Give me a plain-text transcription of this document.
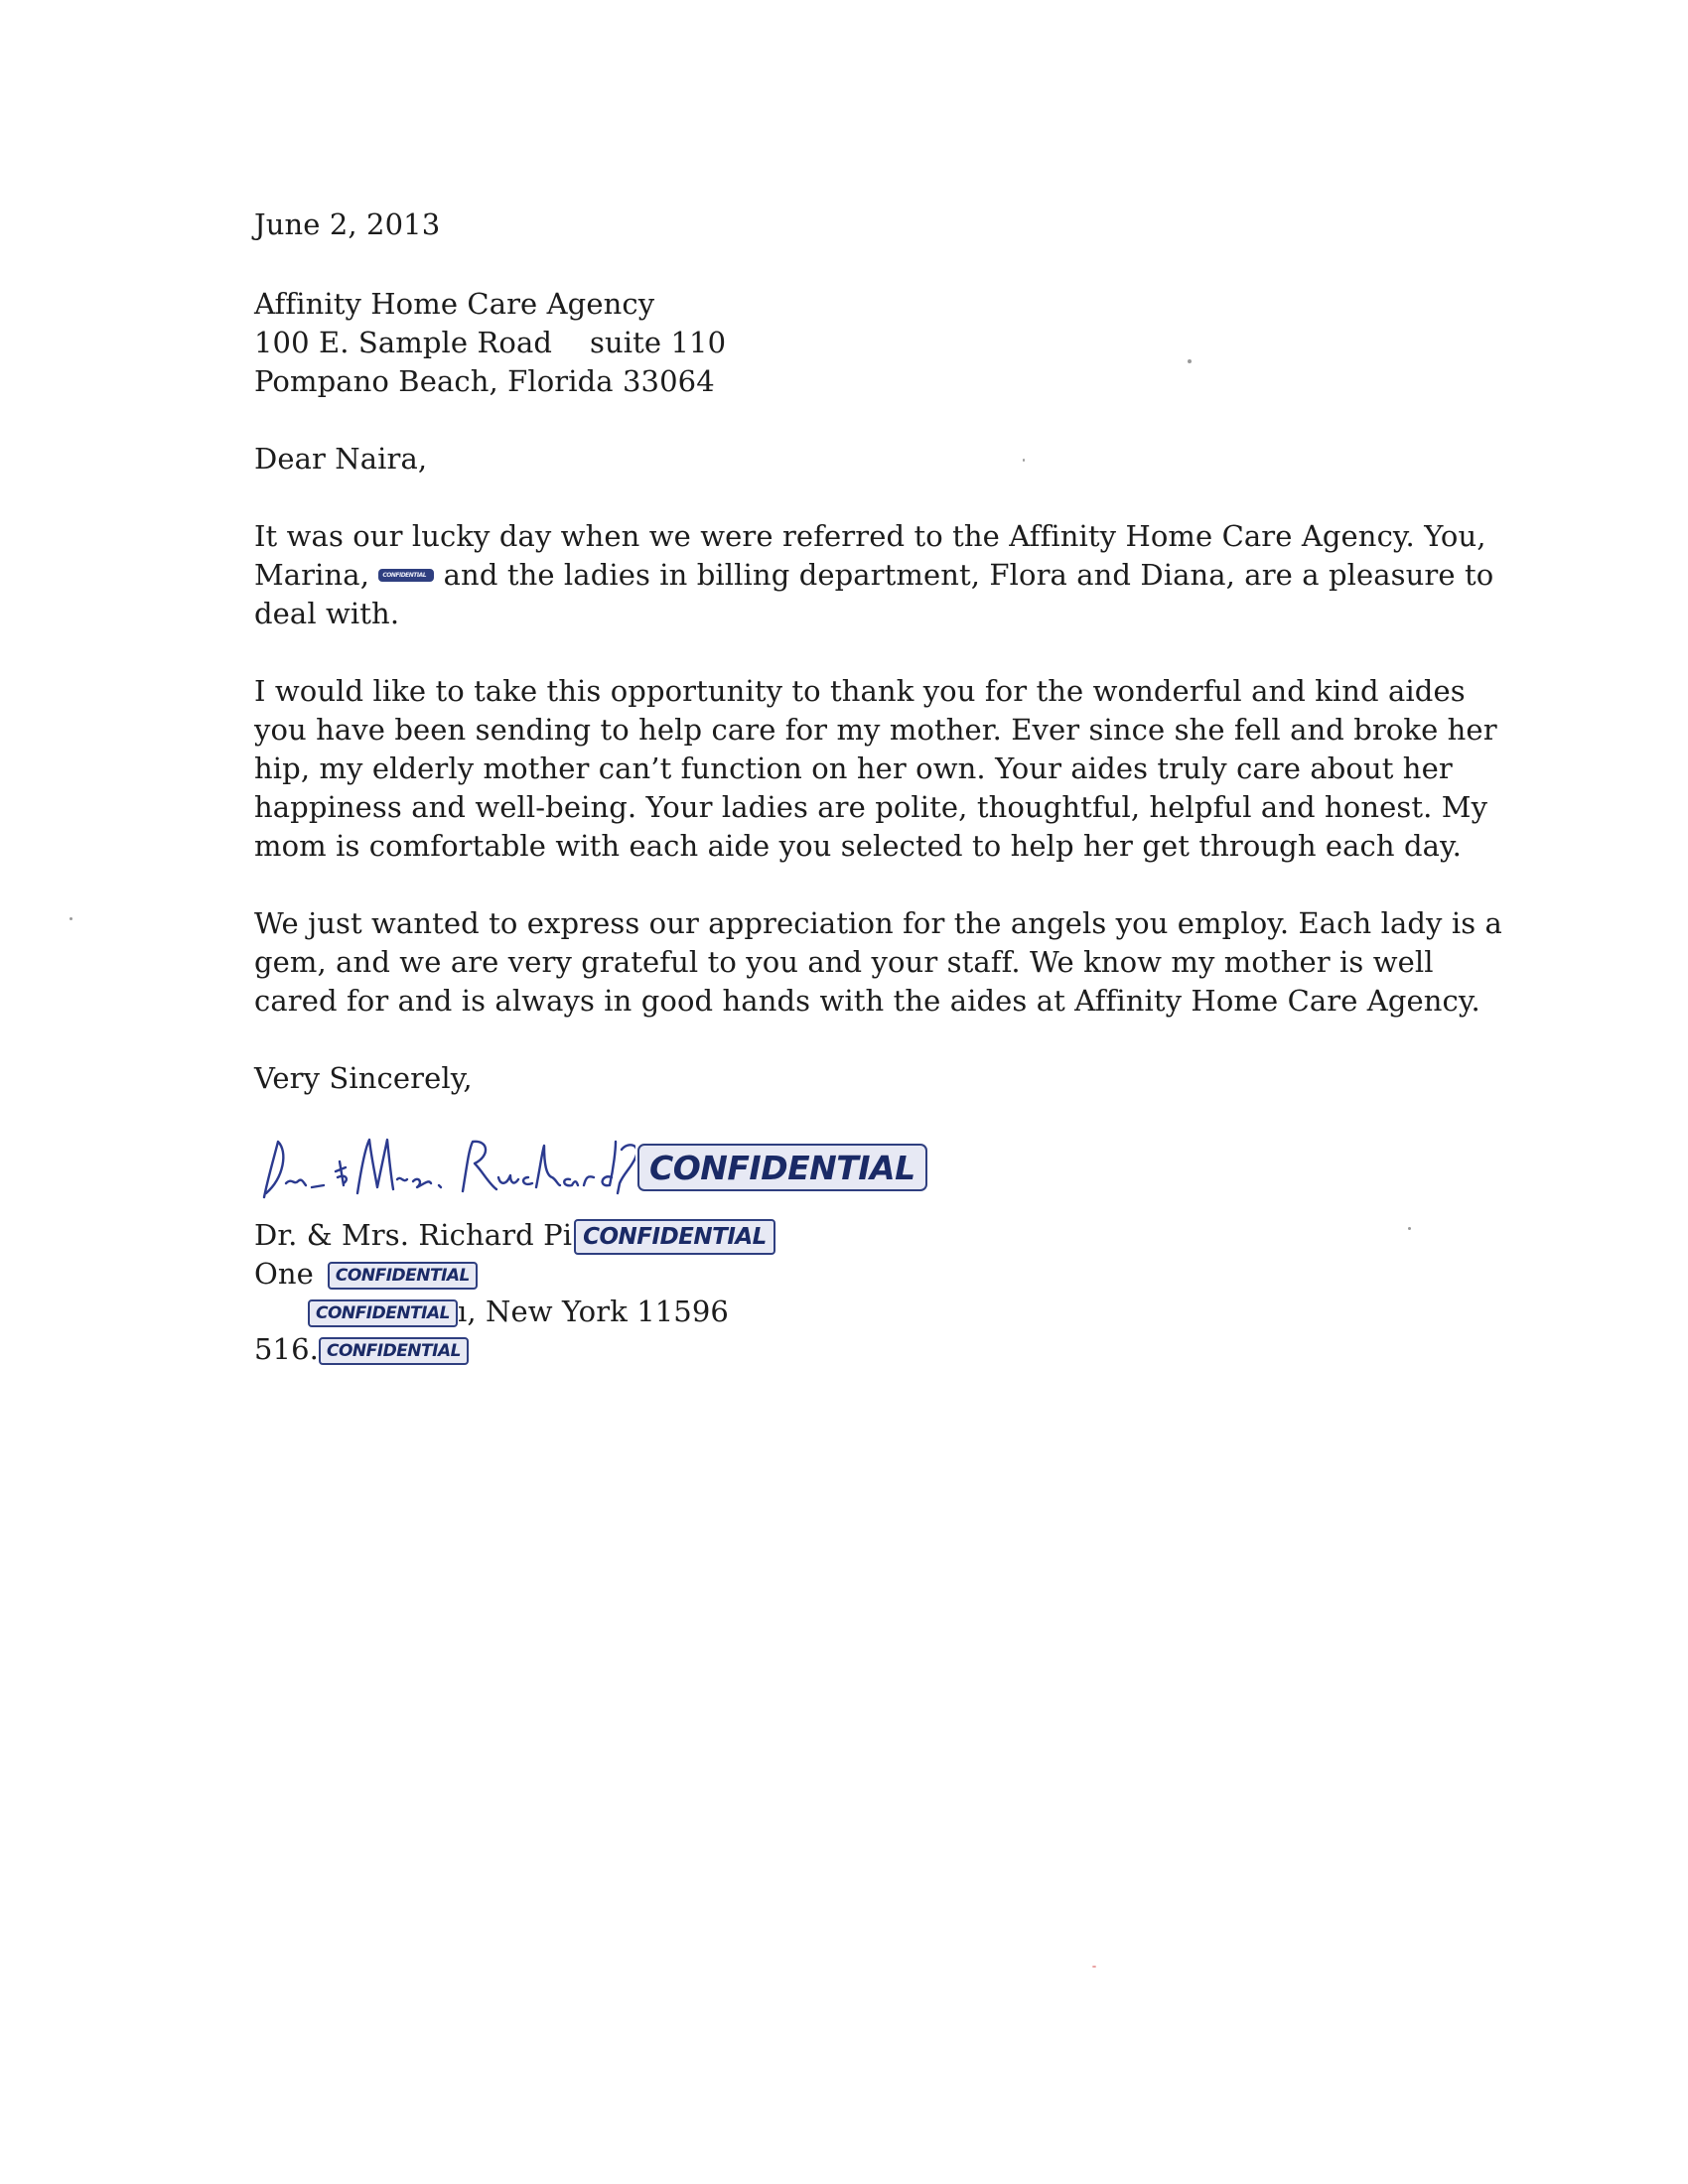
June 2, 2013
Affinity Home Care Agency
100 E. Sample Road suite 110
Pompano Beach, Florida 33064
Dear Naira,
It was our lucky day when we were referred to the Affinity Home Care Agency. You,
Marina, CONFIDENTIAL and the ladies in billing department, Flora and Diana, are a pleasure to
deal with.
I would like to take this opportunity to thank you for the wonderful and kind aides
you have been sending to help care for my mother. Ever since she fell and broke her
hip, my elderly mother can’t function on her own. Your aides truly care about her
happiness and well-being. Your ladies are polite, thoughtful, helpful and honest. My
mom is comfortable with each aide you selected to help her get through each day.
We just wanted to express our appreciation for the angels you employ. Each lady is a
gem, and we are very grateful to you and your staff. We know my mother is well
cared for and is always in good hands with the aides at Affinity Home Care Agency.
Very Sincerely,
CONFIDENTIAL
Dr. & Mrs. Richard Pi CONFIDENTIAL
One CONFIDENTIAL
CONFIDENTIAL ı, New York 11596
516. CONFIDENTIAL
